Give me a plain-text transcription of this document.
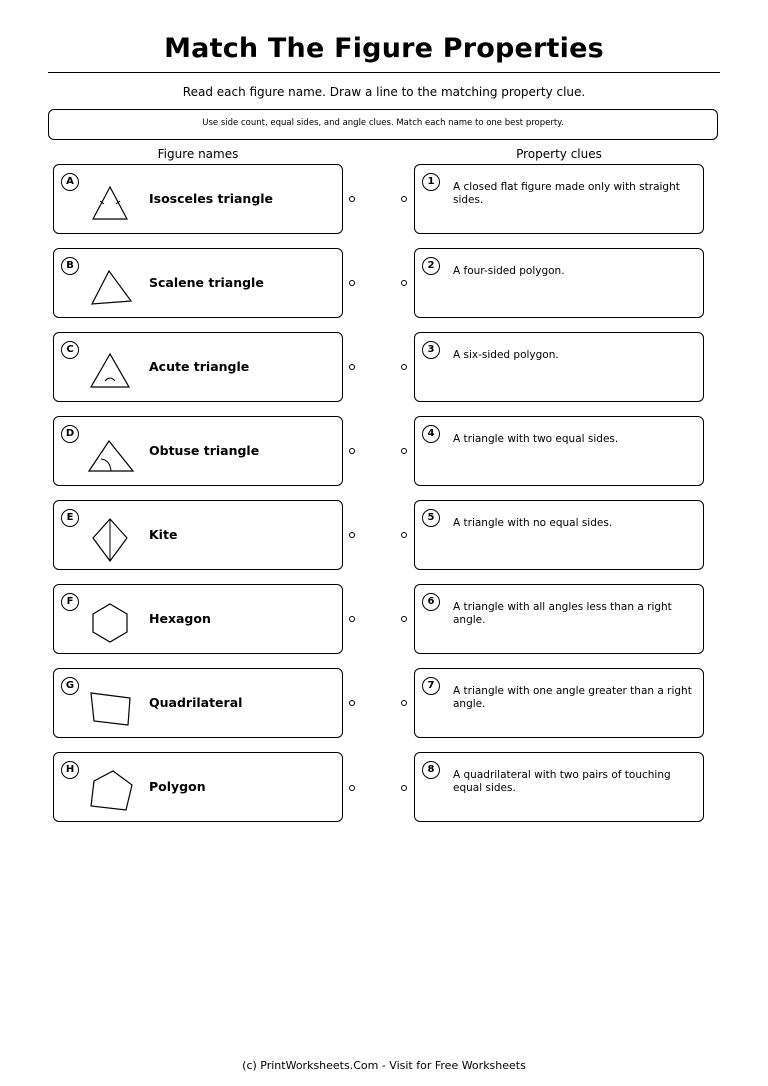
Match The Figure Properties
Read each figure name. Draw a line to the matching property clue.
Use side count, equal sides, and angle clues. Match each name to one best property.
Figure names	Property clues
A
Isosceles triangle
B
Scalene triangle
C
Acute triangle
D
Obtuse triangle
E
Kite
F
Hexagon
G
Quadrilateral
H
Polygon
1	A closed flat figure made only with straight sides.
2	A four-sided polygon.
3	A six-sided polygon.
4	A triangle with two equal sides.
5	A triangle with no equal sides.
6	A triangle with all angles less than a right angle.
7	A triangle with one angle greater than a right angle.
8	A quadrilateral with two pairs of touching equal sides.
(c) PrintWorksheets.Com - Visit for Free Worksheets
